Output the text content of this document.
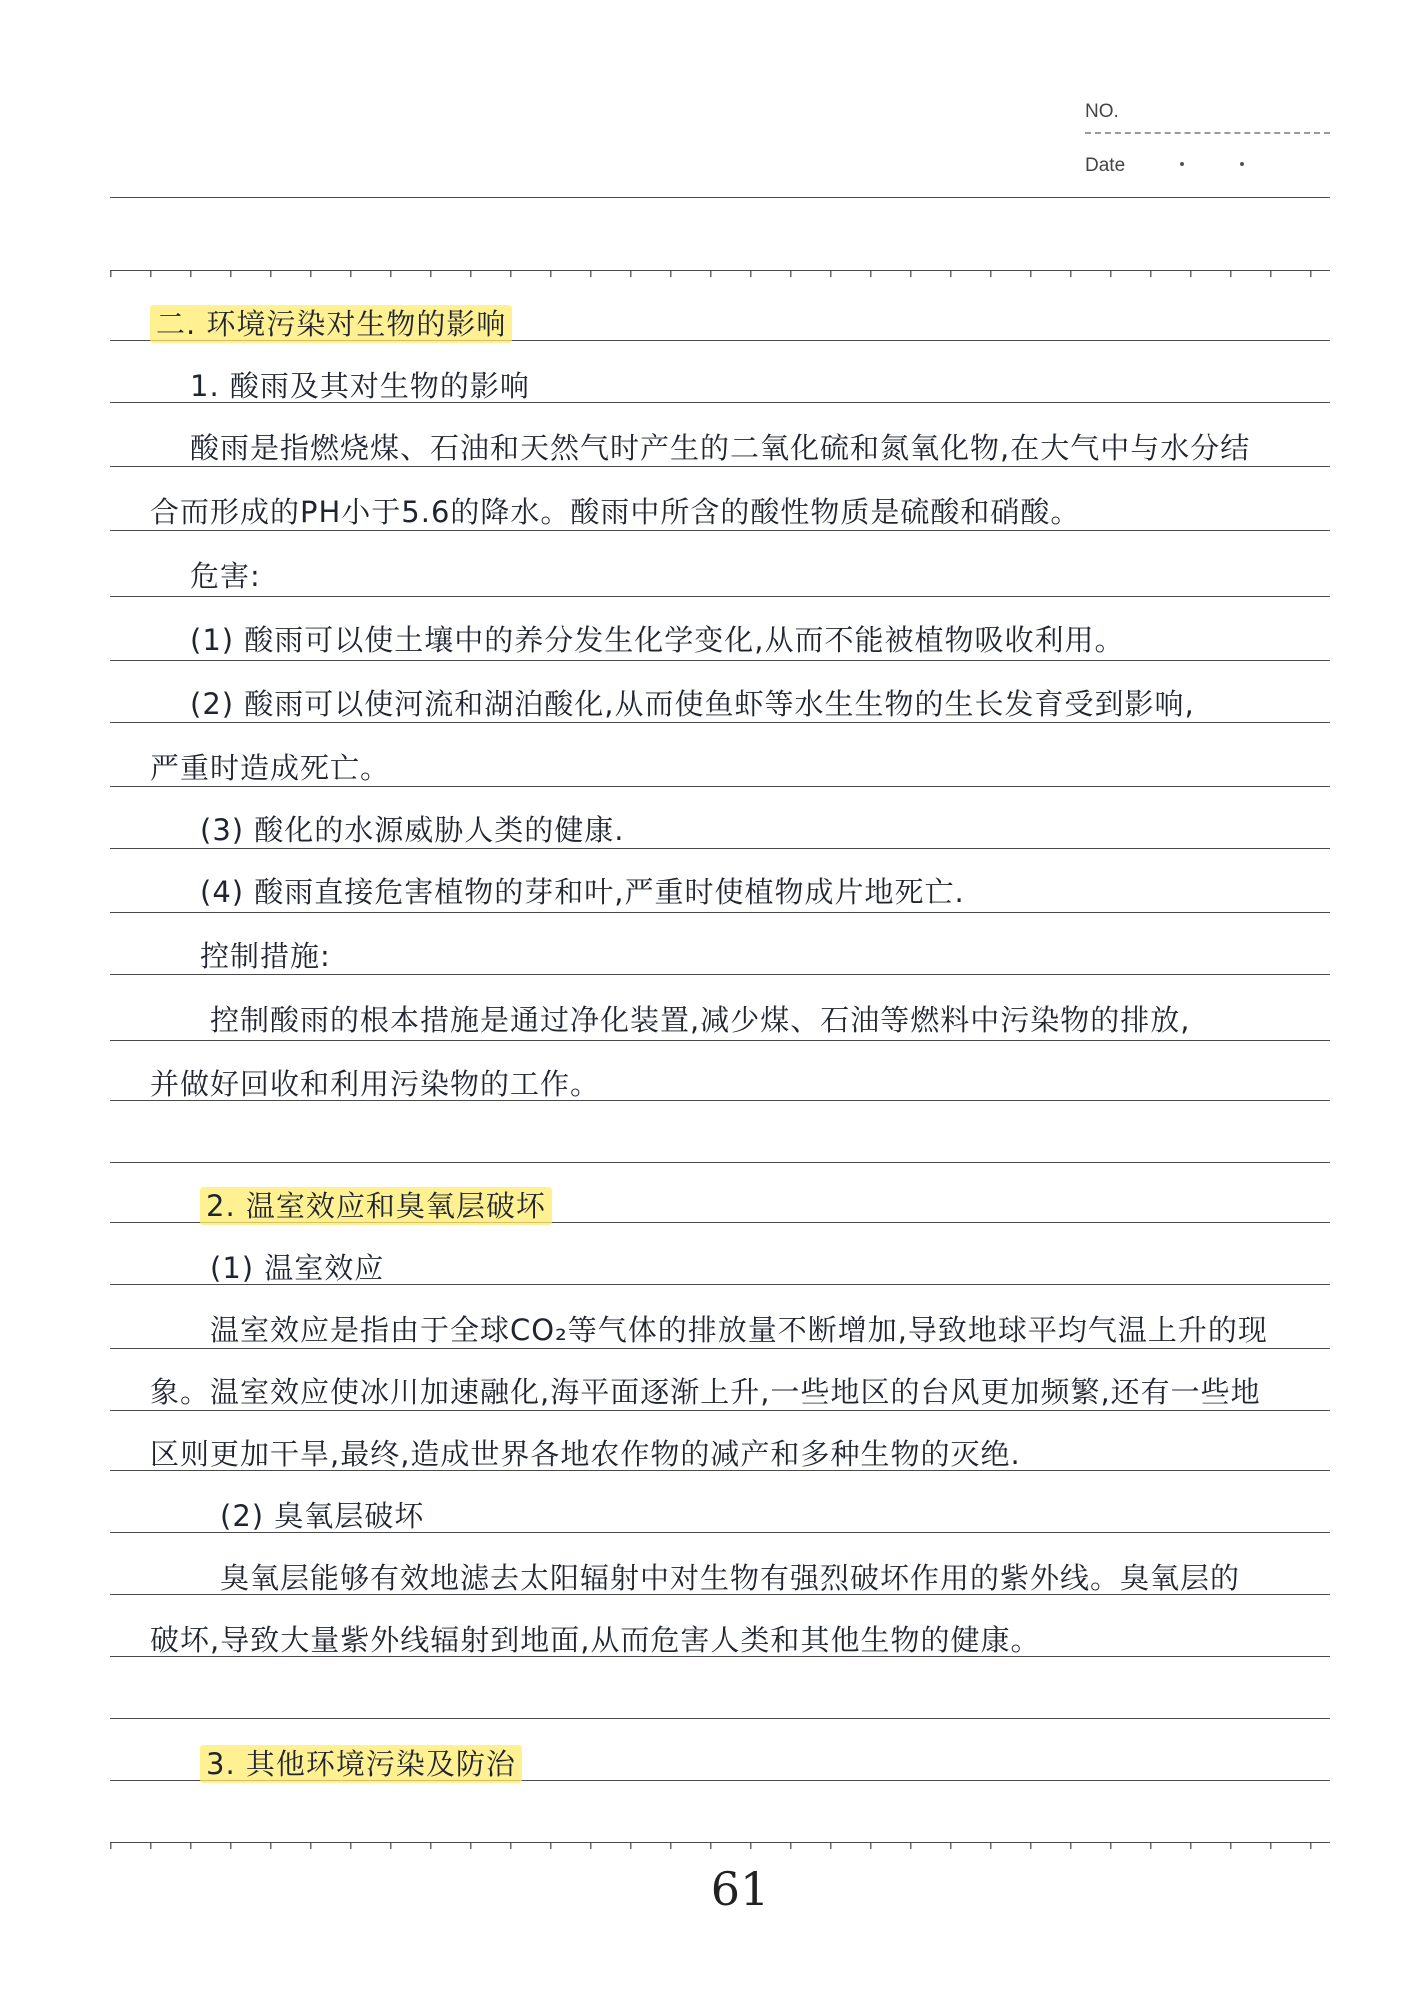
NO.
Date
二. 环境污染对生物的影响
1. 酸雨及其对生物的影响
酸雨是指燃烧煤、石油和天然气时产生的二氧化硫和氮氧化物,在大气中与水分结
合而形成的PH小于5.6的降水。酸雨中所含的酸性物质是硫酸和硝酸。
危害:
(1) 酸雨可以使土壤中的养分发生化学变化,从而不能被植物吸收利用。
(2) 酸雨可以使河流和湖泊酸化,从而使鱼虾等水生生物的生长发育受到影响,
严重时造成死亡。
(3) 酸化的水源威胁人类的健康.
(4) 酸雨直接危害植物的芽和叶,严重时使植物成片地死亡.
控制措施:
控制酸雨的根本措施是通过净化装置,减少煤、石油等燃料中污染物的排放,
并做好回收和利用污染物的工作。
2. 温室效应和臭氧层破坏
(1) 温室效应
温室效应是指由于全球CO₂等气体的排放量不断增加,导致地球平均气温上升的现
象。温室效应使冰川加速融化,海平面逐渐上升,一些地区的台风更加频繁,还有一些地
区则更加干旱,最终,造成世界各地农作物的减产和多种生物的灭绝.
(2) 臭氧层破坏
臭氧层能够有效地滤去太阳辐射中对生物有强烈破坏作用的紫外线。臭氧层的
破坏,导致大量紫外线辐射到地面,从而危害人类和其他生物的健康。
3. 其他环境污染及防治
61
